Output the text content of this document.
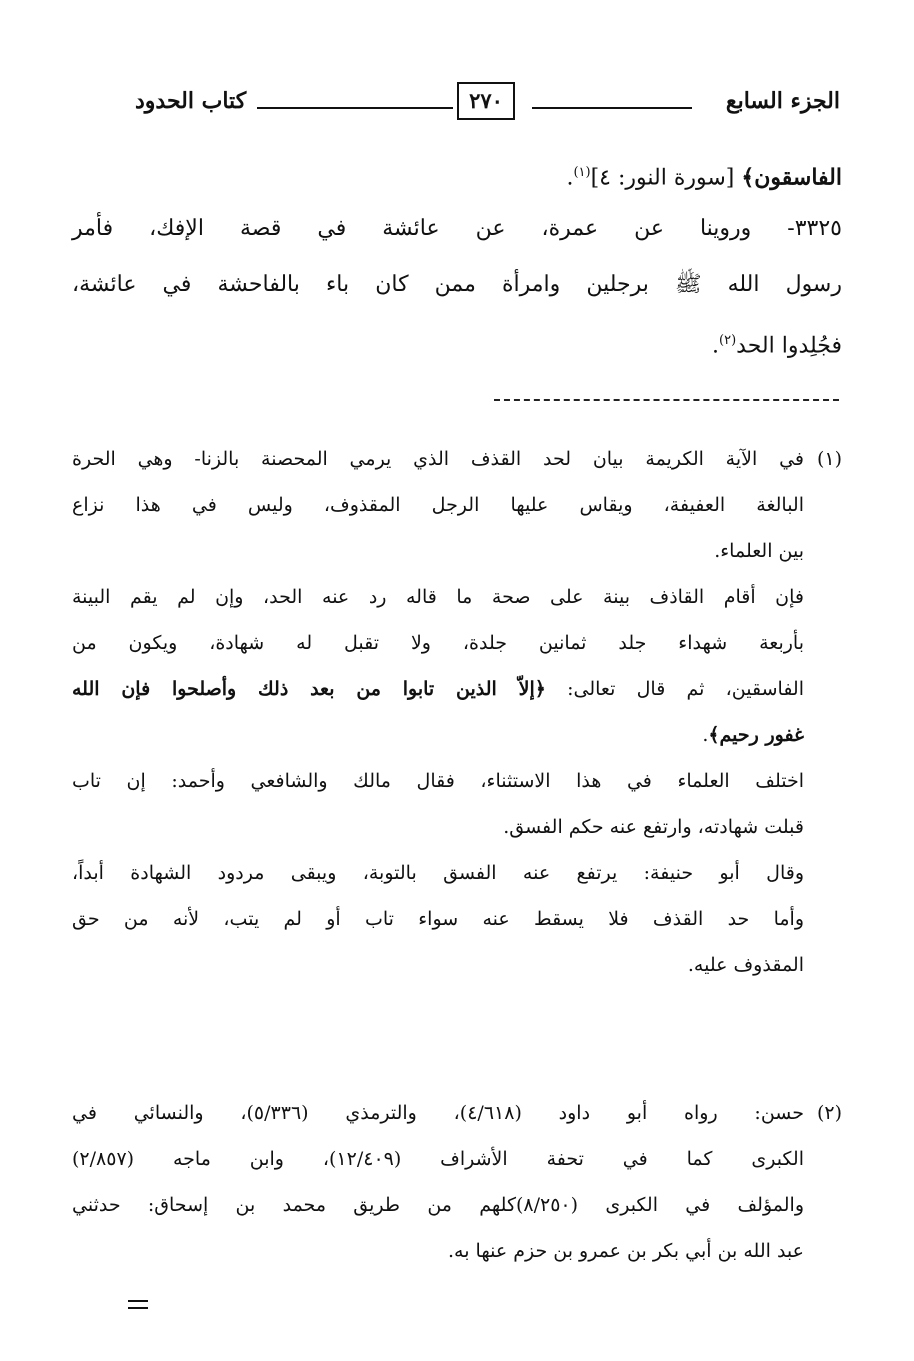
الجزء السابع
٢٧٠
كتاب الحدود
الفاسقون﴾ [سورة النور: ٤]$^{(١)}$.
٣٣٢٥- وروينا عن عمرة، عن عائشة في قصة الإفك، فأمر
رسول الله ﷺ برجلين وامرأة ممن كان باء بالفاحشة في عائشة،
فجُلِدوا الحد$^{(٢)}$.
(١)
في الآية الكريمة بيان لحد القذف الذي يرمي المحصنة بالزنا- وهي الحرة
البالغة العفيفة، ويقاس عليها الرجل المقذوف، وليس في هذا نزاع
بين العلماء.
فإن أقام القاذف بينة على صحة ما قاله رد عنه الحد، وإن لم يقم البينة
بأربعة شهداء جلد ثمانين جلدة، ولا تقبل له شهادة، ويكون من
الفاسقين، ثم قال تعالى: ﴿إلاّ الذين تابوا من بعد ذلك وأصلحوا فإن الله
غفور رحيم﴾.
اختلف العلماء في هذا الاستثناء، فقال مالك والشافعي وأحمد: إن تاب
قبلت شهادته، وارتفع عنه حكم الفسق.
وقال أبو حنيفة: يرتفع عنه الفسق بالتوبة، ويبقى مردود الشهادة أبداً،
وأما حد القذف فلا يسقط عنه سواء تاب أو لم يتب، لأنه من حق
المقذوف عليه.
(٢)
حسن: رواه أبو داود (٤/٦١٨)، والترمذي (٥/٣٣٦)، والنسائي في
الكبرى كما في تحفة الأشراف (١٢/٤٠٩)، وابن ماجه (٢/٨٥٧)
والمؤلف في الكبرى (٨/٢٥٠)كلهم من طريق محمد بن إسحاق: حدثني
عبد الله بن أبي بكر بن عمرو بن حزم عنها به.
